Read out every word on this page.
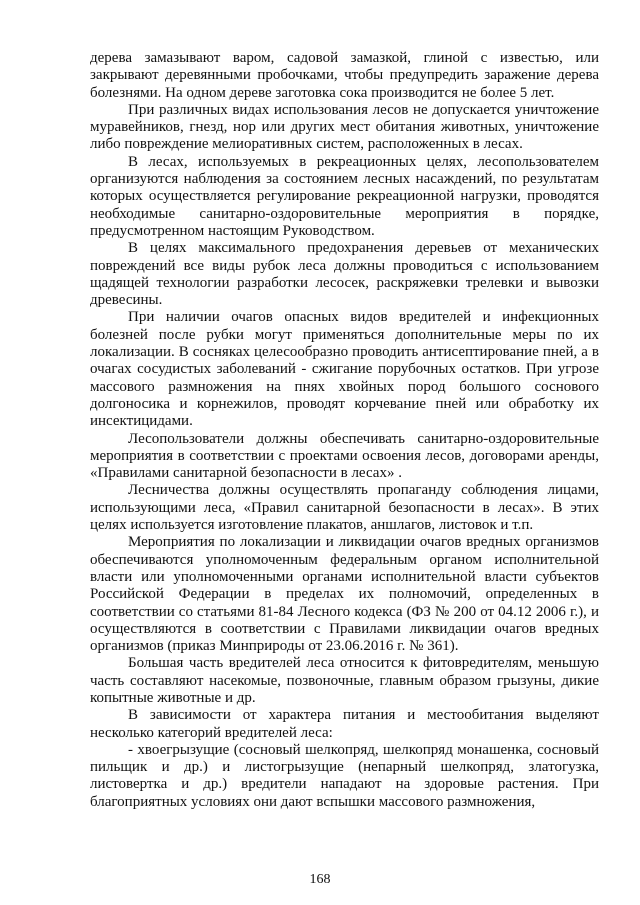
дерева замазывают варом, садовой замазкой, глиной с известью, или закрывают деревянными пробочками, чтобы предупредить заражение дерева болезнями. На одном дереве заготовка сока производится не более 5 лет.

При различных видах использования лесов не допускается уничтожение муравейников, гнезд, нор или других мест обитания животных, уничтожение либо повреждение мелиоративных систем, расположенных в лесах.

В лесах, используемых в рекреационных целях, лесопользователем организуются наблюдения за состоянием лесных насаждений, по результатам которых осуществляется регулирование рекреационной нагрузки, проводятся необходимые санитарно-оздоровительные мероприятия в порядке, предусмотренном настоящим Руководством.

В целях максимального предохранения деревьев от механических повреждений все виды рубок леса должны проводиться с использованием щадящей технологии разработки лесосек, раскряжевки трелевки и вывозки древесины.

При наличии очагов опасных видов вредителей и инфекционных болезней после рубки могут применяться дополнительные меры по их локализации. В сосняках целесообразно проводить антисептирование пней, а в очагах сосудистых заболеваний - сжигание порубочных остатков. При угрозе массового размножения на пнях хвойных пород большого соснового долгоносика и корнежилов, проводят корчевание пней или обработку их инсектицидами.

Лесопользователи должны обеспечивать санитарно-оздоровительные мероприятия в соответствии с проектами освоения лесов, договорами аренды, «Правилами санитарной безопасности в лесах» .

Лесничества должны осуществлять пропаганду соблюдения лицами, использующими леса, «Правил санитарной безопасности в лесах». В этих целях используется изготовление плакатов, аншлагов, листовок и т.п.

Мероприятия по локализации и ликвидации очагов вредных организмов обеспечиваются уполномоченным федеральным органом исполнительной власти или уполномоченными органами исполнительной власти субъектов Российской Федерации в пределах их полномочий, определенных в соответствии со статьями 81-84 Лесного кодекса (ФЗ № 200 от 04.12 2006 г.), и осуществляются в соответствии с Правилами ликвидации очагов вредных организмов (приказ Минприроды от 23.06.2016 г. № 361).

Большая часть вредителей леса относится к фитовредителям, меньшую часть составляют насекомые, позвоночные, главным образом грызуны, дикие копытные животные и др.

В зависимости от характера питания и местообитания выделяют несколько категорий вредителей леса:

- хвоегрызущие (сосновый шелкопряд, шелкопряд монашенка, сосновый пильщик и др.) и листогрызущие (непарный шелкопряд, златогузка, листовертка и др.) вредители нападают на здоровые растения. При благоприятных условиях они дают вспышки массового размножения,

168
